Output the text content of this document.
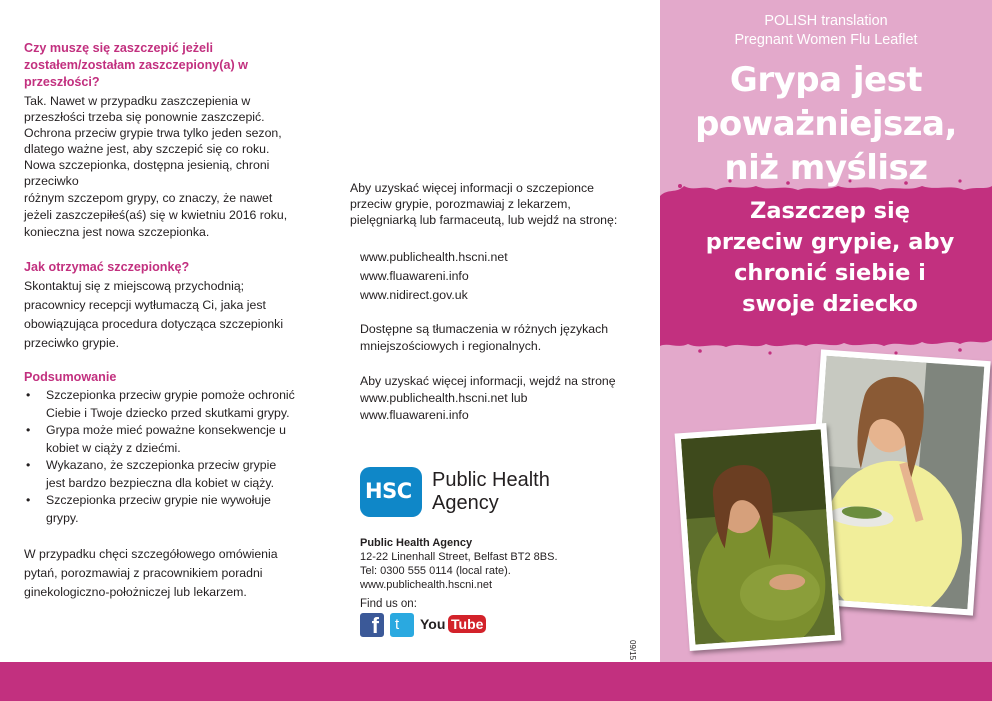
Czy muszę się zaszczepić jeżeli zostałem/zostałam zaszczepiony(a) w przeszłości?
Tak. Nawet w przypadku zaszczepienia w przeszłości trzeba się ponownie zaszczepić. Ochrona przeciw grypie trwa tylko jeden sezon, dlatego ważne jest, aby szczepić się co roku. Nowa szczepionka, dostępna jesienią, chroni przeciwko
różnym szczepom grypy, co znaczy, że nawet jeżeli zaszczepiłeś(aś) się w kwietniu 2016 roku, konieczna jest nowa szczepionka.
Jak otrzymać szczepionkę?
Skontaktuj się z miejscową przychodnią; pracownicy recepcji wytłumaczą Ci, jaka jest obowiązująca procedura dotycząca szczepionki przeciwko grypie.
Podsumowanie
• Szczepionka przeciw grypie pomoże ochronić Ciebie i Twoje dziecko przed skutkami grypy.
• Grypa może mieć poważne konsekwencje u kobiet w ciąży z dziećmi.
• Wykazano, że szczepionka przeciw grypie jest bardzo bezpieczna dla kobiet w ciąży.
• Szczepionka przeciw grypie nie wywołuje grypy.
W przypadku chęci szczegółowego omówienia pytań, porozmawiaj z pracownikiem poradni ginekologiczno-położniczej lub lekarzem.
Aby uzyskać więcej informacji o szczepionce przeciw grypie, porozmawiaj z lekarzem, pielęgniarką lub farmaceutą, lub wejdź na stronę:
www.publichealth.hscni.net
www.fluawareni.info
www.nidirect.gov.uk
Dostępne są tłumaczenia w różnych językach mniejszościowych i regionalnych.
Aby uzyskać więcej informacji, wejdź na stronę www.publichealth.hscni.net lub www.fluawareni.info
HSC Public Health
Agency
Public Health Agency
12-22 Linenhall Street, Belfast BT2 8BS.
Tel: 0300 555 0114 (local rate).
www.publichealth.hscni.net
Find us on:
f t You Tube
09/15
POLISH translation
Pregnant Women Flu Leaflet
Grypa jest
poważniejsza,
niż myślisz
Zaszczep się
przeciw grypie, aby
chronić siebie i
swoje dziecko
